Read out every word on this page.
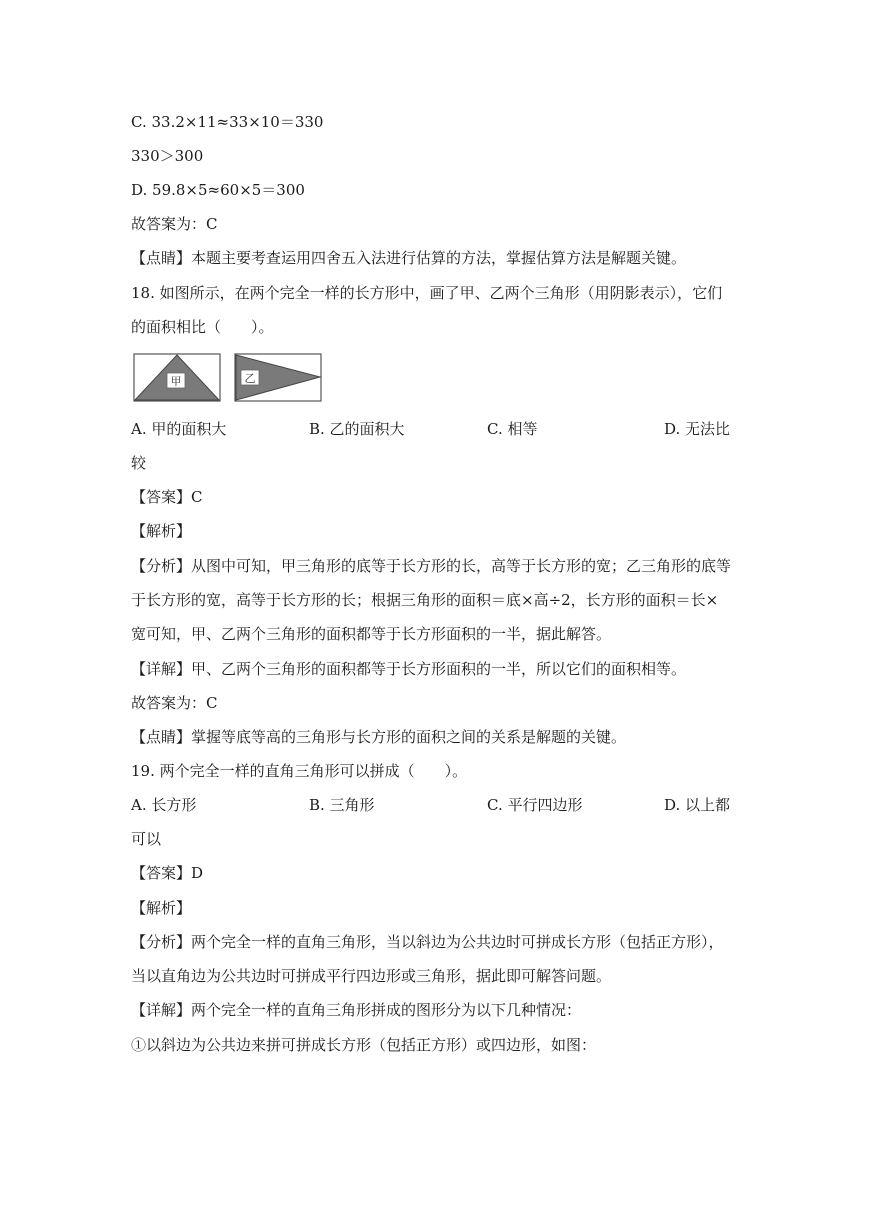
C. 33.2×11≈33×10＝330
330＞300
D. 59.8×5≈60×5＝300
故答案为：C
【点睛】本题主要考查运用四舍五入法进行估算的方法，掌握估算方法是解题关键。
18. 如图所示，在两个完全一样的长方形中，画了甲、乙两个三角形（用阴影表示），它们
的面积相比（　　）。
甲	乙
A. 甲的面积大	B. 乙的面积大	C. 相等	D. 无法比
较
【答案】C
【解析】
【分析】从图中可知，甲三角形的底等于长方形的长，高等于长方形的宽；乙三角形的底等
于长方形的宽，高等于长方形的长；根据三角形的面积＝底×高÷2，长方形的面积＝长×
宽可知，甲、乙两个三角形的面积都等于长方形面积的一半，据此解答。
【详解】甲、乙两个三角形的面积都等于长方形面积的一半，所以它们的面积相等。
故答案为：C
【点睛】掌握等底等高的三角形与长方形的面积之间的关系是解题的关键。
19. 两个完全一样的直角三角形可以拼成（　　）。
A. 长方形	B. 三角形	C. 平行四边形	D. 以上都
可以
【答案】D
【解析】
【分析】两个完全一样的直角三角形，当以斜边为公共边时可拼成长方形（包括正方形），
当以直角边为公共边时可拼成平行四边形或三角形，据此即可解答问题。
【详解】两个完全一样的直角三角形拼成的图形分为以下几种情况：
①以斜边为公共边来拼可拼成长方形（包括正方形）或四边形，如图：
